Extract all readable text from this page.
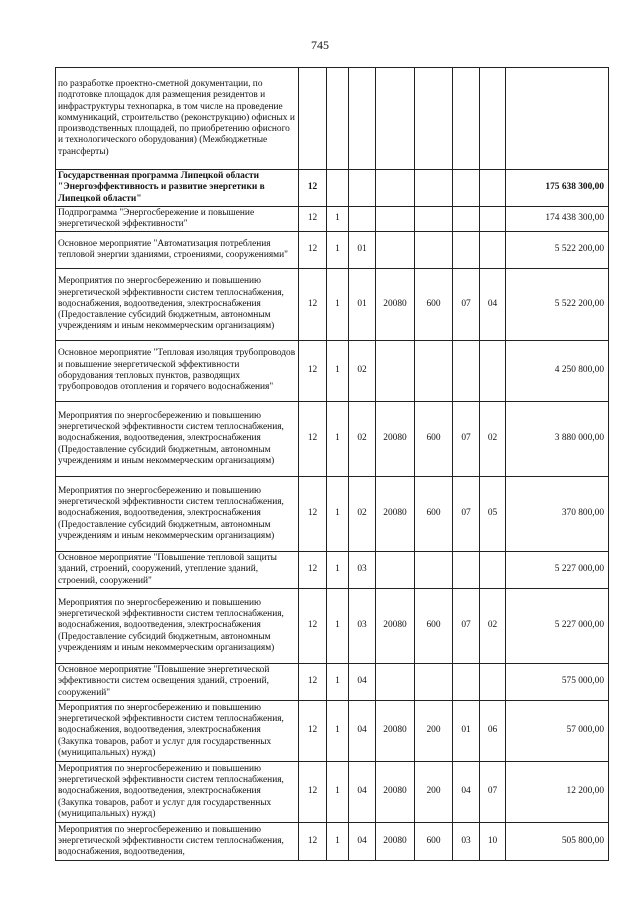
745
по разработке проектно-сметной документации, по подготовке площадок для размещения резидентов и инфраструктуры технопарка, в том числе на проведение коммуникаций, строительство (реконструкцию) офисных и производственных площадей, по приобретению офисного и технологического оборудования) (Межбюджетные трансферты)								
Государственная программа Липецкой области "Энергоэффективность и развитие энергетики в Липецкой области"	12							175 638 300,00
Подпрограмма "Энергосбережение и повышение энергетической эффективности"	12	1						174 438 300,00
Основное мероприятие "Автоматизация потребления тепловой энергии зданиями, строениями, сооружениями"	12	1	01					5 522 200,00
Мероприятия по энергосбережению и повышению энергетической эффективности систем теплоснабжения, водоснабжения, водоотведения, электроснабжения (Предоставление субсидий бюджетным, автономным учреждениям и иным некоммерческим организациям)	12	1	01	20080	600	07	04	5 522 200,00
Основное мероприятие "Тепловая изоляция трубопроводов и повышение энергетической эффективности оборудования тепловых пунктов, разводящих трубопроводов отопления и горячего водоснабжения"	12	1	02					4 250 800,00
Мероприятия по энергосбережению и повышению энергетической эффективности систем теплоснабжения, водоснабжения, водоотведения, электроснабжения (Предоставление субсидий бюджетным, автономным учреждениям и иным некоммерческим организациям)	12	1	02	20080	600	07	02	3 880 000,00
Мероприятия по энергосбережению и повышению энергетической эффективности систем теплоснабжения, водоснабжения, водоотведения, электроснабжения (Предоставление субсидий бюджетным, автономным учреждениям и иным некоммерческим организациям)	12	1	02	20080	600	07	05	370 800,00
Основное мероприятие "Повышение тепловой защиты зданий, строений, сооружений, утепление зданий, строений, сооружений"	12	1	03					5 227 000,00
Мероприятия по энергосбережению и повышению энергетической эффективности систем теплоснабжения, водоснабжения, водоотведения, электроснабжения (Предоставление субсидий бюджетным, автономным учреждениям и иным некоммерческим организациям)	12	1	03	20080	600	07	02	5 227 000,00
Основное мероприятие "Повышение энергетической эффективности систем освещения зданий, строений, сооружений"	12	1	04					575 000,00
Мероприятия по энергосбережению и повышению энергетической эффективности систем теплоснабжения, водоснабжения, водоотведения, электроснабжения (Закупка товаров, работ и услуг для государственных (муниципальных) нужд)	12	1	04	20080	200	01	06	57 000,00
Мероприятия по энергосбережению и повышению энергетической эффективности систем теплоснабжения, водоснабжения, водоотведения, электроснабжения (Закупка товаров, работ и услуг для государственных (муниципальных) нужд)	12	1	04	20080	200	04	07	12 200,00
Мероприятия по энергосбережению и повышению энергетической эффективности систем теплоснабжения, водоснабжения, водоотведения,	12	1	04	20080	600	03	10	505 800,00
